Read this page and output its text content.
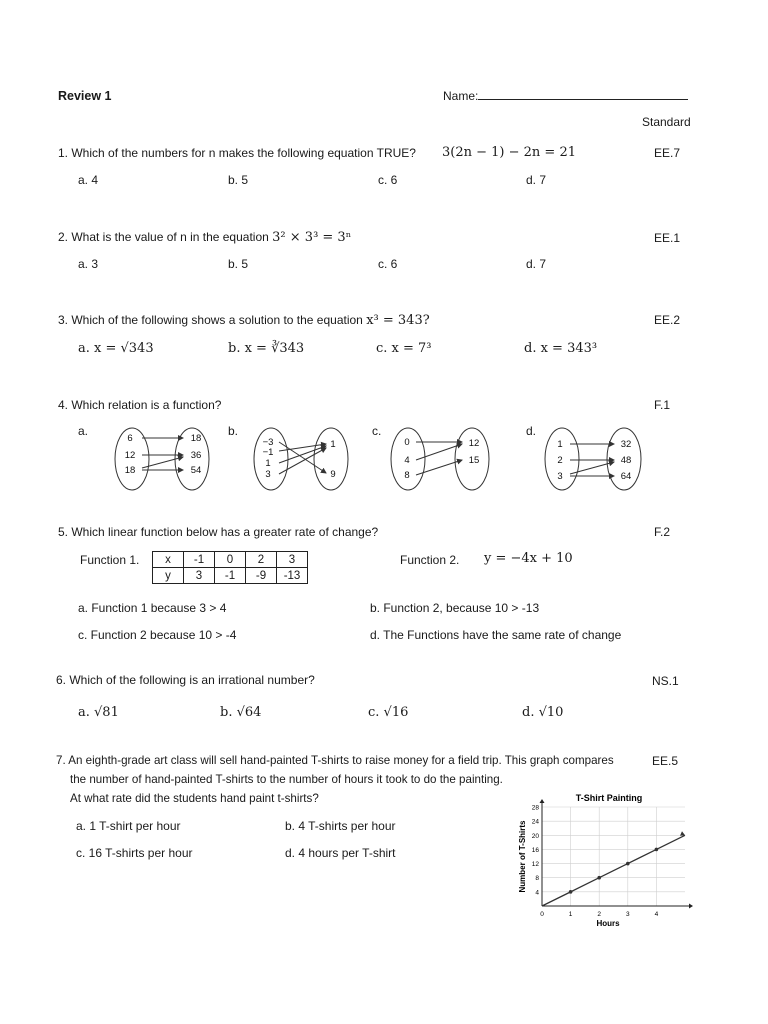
Review 1	Name:
Standard
1. Which of the numbers for n makes the following equation TRUE? 3(2n − 1) − 2n = 21	EE.7
a. 4	b. 5	c. 6	d. 7
2. What is the value of n in the equation 3² × 3³ = 3ⁿ	EE.1
a. 3	b. 5	c. 6	d. 7
3. Which of the following shows a solution to the equation x³ = 343?	EE.2
a. x = √343	b. x = ∛343	c. x = 7³	d. x = 343³
4. Which relation is a function?	F.1
a.	b.	c.	d.
6
12
18
18
36
54
−3
−1
1
3
1
9
0
4
8
12
15
1
2
3
32
48
64
5. Which linear function below has a greater rate of change?	F.2
Function 1. x	-1	0	2	3
y	3	-1	-9	-13
Function 2. y = −4x + 10
a. Function 1 because 3 > 4	b. Function 2, because 10 > -13
c. Function 2 because 10 > -4	d. The Functions have the same rate of change
6. Which of the following is an irrational number?	NS.1
a. √81	b. √64	c. √16	d. √10
7. An eighth-grade art class will sell hand-painted T-shirts to raise money for a field trip. This graph compares	EE.5
the number of hand-painted T-shirts to the number of hours it took to do the painting.
At what rate did the students hand paint t-shirts?
a. 1 T-shirt per hour	b. 4 T-shirts per hour
c. 16 T-shirts per hour	d. 4 hours per T-shirt
T-Shirt Painting
Number of T-Shirts
Hours
0	1	2	3	4
4
8
12
16
20
24
28
